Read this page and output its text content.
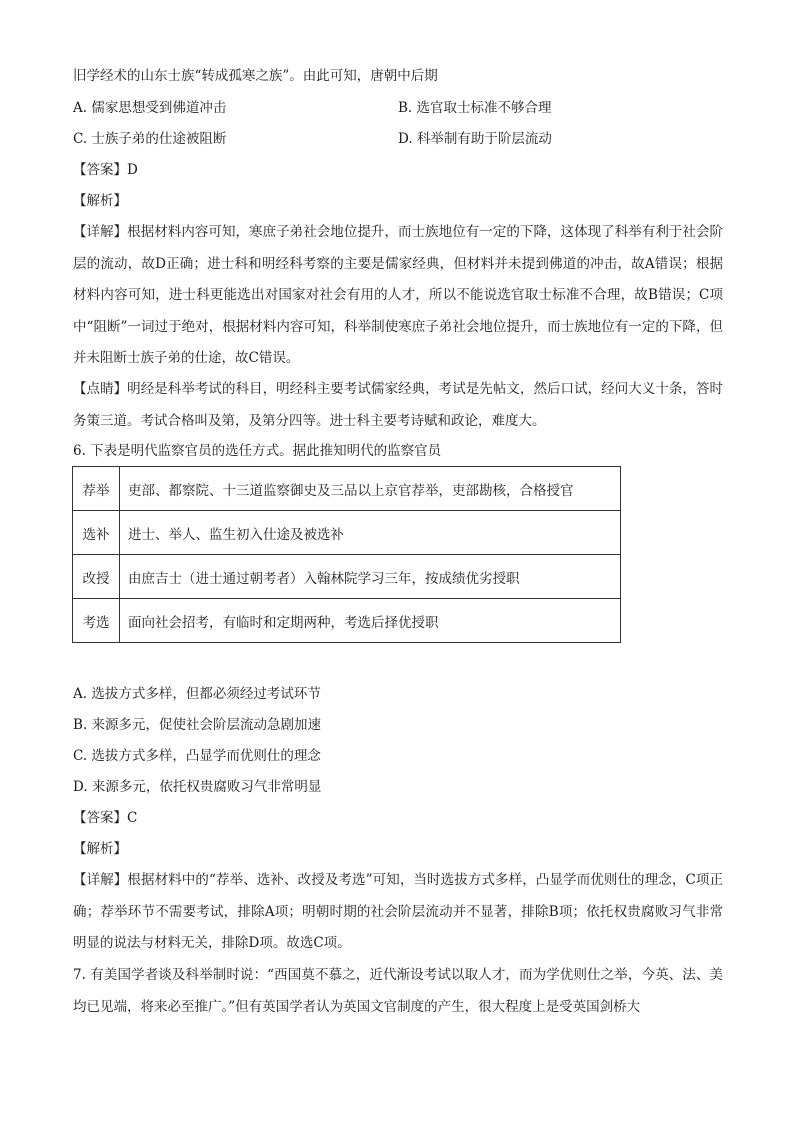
旧学经术的山东士族“转成孤寒之族”。由此可知，唐朝中后期
A. 儒家思想受到佛道冲击	B. 选官取士标准不够合理
C. 士族子弟的仕途被阻断	D. 科举制有助于阶层流动
【答案】D
【解析】
【详解】根据材料内容可知，寒庶子弟社会地位提升，而士族地位有一定的下降，这体现了科举有利于社会阶层的流动，故D正确；进士科和明经科考察的主要是儒家经典，但材料并未提到佛道的冲击，故A错误；根据材料内容可知，进士科更能选出对国家对社会有用的人才，所以不能说选官取士标准不合理，故B错误；C项中“阻断”一词过于绝对，根据材料内容可知，科举制使寒庶子弟社会地位提升，而士族地位有一定的下降，但并未阻断士族子弟的仕途，故C错误。
【点睛】明经是科举考试的科目，明经科主要考试儒家经典，考试是先帖文，然后口试，经问大义十条，答时务策三道。考试合格叫及第，及第分四等。进士科主要考诗赋和政论，难度大。
6. 下表是明代监察官员的选任方式。据此推知明代的监察官员
荐举	吏部、都察院、十三道监察御史及三品以上京官荐举，吏部勘核，合格授官
选补	进士、举人、监生初入仕途及被选补
改授	由庶吉士（进士通过朝考者）入翰林院学习三年，按成绩优劣授职
考选	面向社会招考，有临时和定期两种，考选后择优授职
A. 选拔方式多样，但都必须经过考试环节
B. 来源多元，促使社会阶层流动急剧加速
C. 选拔方式多样，凸显学而优则仕的理念
D. 来源多元，依托权贵腐败习气非常明显
【答案】C
【解析】
【详解】根据材料中的“荐举、选补、改授及考选”可知，当时选拔方式多样，凸显学而优则仕的理念，C项正确；荐举环节不需要考试，排除A项；明朝时期的社会阶层流动并不显著，排除B项；依托权贵腐败习气非常明显的说法与材料无关，排除D项。故选C项。
7. 有美国学者谈及科举制时说：“西国莫不慕之，近代渐设考试以取人才，而为学优则仕之举，今英、法、美均已见端，将来必至推广。”但有英国学者认为英国文官制度的产生，很大程度上是受英国剑桥大
